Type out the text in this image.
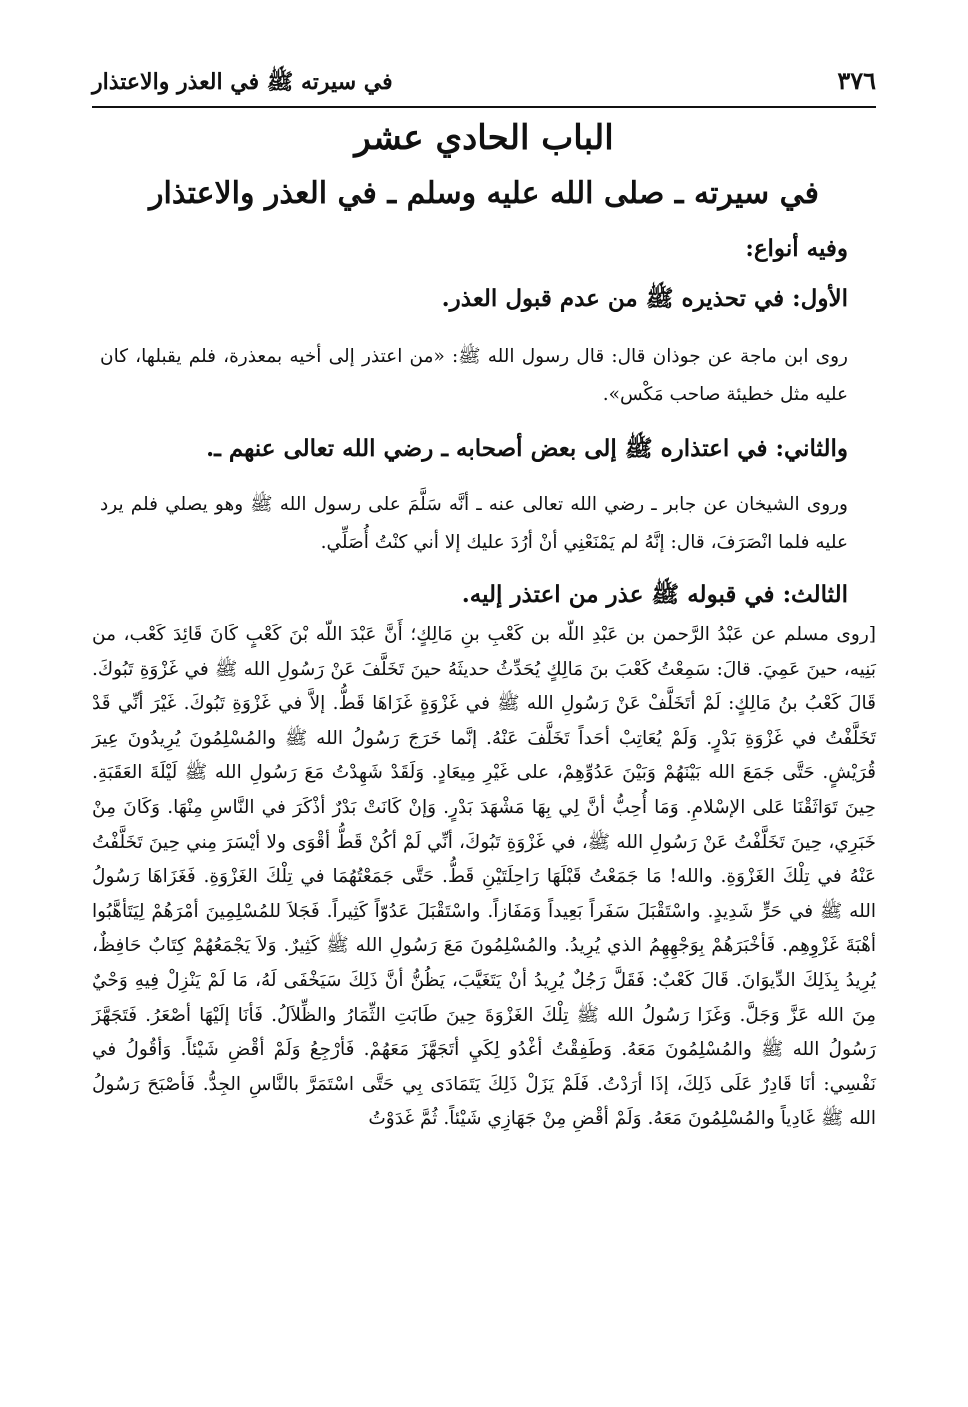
٣٧٦
في سيرته ﷺ في العذر والاعتذار
الباب الحادي عشر
في سيرته ـ صلى الله عليه وسلم ـ في العذر والاعتذار
وفيه أنواع:
الأول: في تحذيره ﷺ من عدم قبول العذر.
روى ابن ماجة عن جوذان قال: قال رسول الله ﷺ: «من اعتذر إلى أخيه بمعذرة، فلم يقبلها، كان عليه مثل خطيئة صاحب مَكْس».
والثاني: في اعتذاره ﷺ إلى بعض أصحابه ـ رضي الله تعالى عنهم ـ.
وروى الشيخان عن جابر ـ رضي الله تعالى عنه ـ أنَّه سَلَّمَ على رسول الله ﷺ وهو يصلي فلم يرد عليه فلما انْصَرَفَ، قال: إنَّهُ لم يَمْنَعْنِي أنْ أرُدَ عليك إلا أني كنْتُ أُصَلِّي.
الثالث: في قبوله ﷺ عذر من اعتذر إليه.
[روى مسلم عن عَبْدُ الرَّحمن بن عَبْدِ اللّه بن كَعْبِ بنِ مَالِكٍ؛ أَنَّ عَبْدَ اللّه بْنَ كَعْبٍ كَانَ قَائِدَ كَعْب، من بَنِيه، حينَ عَمِيَ. قالَ: سَمِعْتُ كَعْبَ بنَ مَالِكٍ يُحَدِّثُ حديثَهُ حينَ تَخَلَّفَ عَنْ رَسُولِ الله ﷺ في غَزْوَةِ تَبُوكَ. قَالَ كَعْبُ بنُ مَالِكٍ: لَمْ أتَخَلَّفْ عَنْ رَسُولِ الله ﷺ في غَزْوَةٍ غَزَاهَا قَطُّ. إلاَّ في غَزْوَةِ تَبُوكَ. غَيْرَ أنِّي قَدْ تَخَلَّفْتُ في غَزْوَةِ بَدْرٍ. وَلَمْ يُعَاتِبْ أحَداً تَخَلَّفَ عَنْهُ. إنَّما خَرَجَ رَسُولُ الله ﷺ والمُسْلِمُونَ يُرِيدُونَ عِيرَ قُرَيْشٍ. حَتَّى جَمَعَ الله بَيْنَهُمْ وَبَيْنَ عَدُوِّهِمْ، على غَيْرِ مِيعَادٍ. وَلَقَدْ شَهِدْتُ مَعَ رَسُولِ الله ﷺ لَيْلَةَ العَقَبَةِ. حِينَ تَوَاثَقْنَا عَلى الإسْلامِ. وَمَا أُحِبُّ أنَّ لِي بِهَا مَشْهَدَ بَدْرٍ. وَإنْ كَانَتْ بَدْرٌ أذْكَرَ في النَّاسِ مِنْهَا. وَكَانَ مِنْ خَبَرِي، حِينَ تَخَلَّفْتُ عَنْ رَسُولِ الله ﷺ، في غَزْوَةِ تَبُوكَ، أنِّي لَمْ أكُنْ قَطُّ أقْوَى ولا أيْسَرَ مِني حِينَ تَخَلَّفْتُ عَنْهُ في تِلْكَ الغَزْوَةِ. والله! مَا جَمَعْتُ قَبْلَهَا رَاحِلَتَيْنِ قَطُّ. حَتَّى جَمَعْتُهُمَا في تِلْكَ الغَزْوَةِ. فَغَزَاهَا رَسُولُ الله ﷺ في حَرٍّ شَدِيدٍ. واسْتَقْبَلَ سَفَراً بَعِيداً وَمَفَازاً. واسْتَقْبَلَ عَدُوّاً كَثِيراً. فَجَلاَ للمُسْلِمِينَ أمْرَهُمْ لِيَتَأهَّبُوا أهْبَةَ غَزْوِهِم. فَأخْبَرَهُمْ بِوَجْهِهِمُ الذي يُرِيدُ. والمُسْلِمُونَ مَعَ رَسُولِ الله ﷺ كَثِيرٌ. وَلاَ يَجْمَعُهُمْ كِتَابٌ حَافِظٌ، يُرِيدُ بِذَلِكَ الدِّيوَانَ. قَالَ كَعْبٌ: فَقَلَّ رَجُلٌ يُرِيدُ أنْ يَتَغَيَّبَ، يَظُنُّ أنَّ ذَلِكَ سَيَخْفَى لَهُ، مَا لَمْ يَنْزِلْ فِيهِ وَحْيٌ مِنَ الله عَزَّ وَجَلَّ. وَغَزَا رَسُولُ الله ﷺ تِلْكَ الغَزْوَةَ حِينَ طَابَتِ الثِّمَارُ والظِّلاَلُ. فَأنَا إلَيْهَا أصْعَرُ. فَتَجَهَّزَ رَسُولُ الله ﷺ والمُسْلِمُونَ مَعَهُ. وَطَفِقْتُ أغْدُو لِكَيِ أتَجَهَّزَ مَعَهُمْ. فَأرْجِعُ وَلَمْ أقْضِ شَيْئاً. وَأقُولُ في نَفْسِي: أنَا قَادِرٌ عَلَى ذَلِكَ، إذَا أرَدْتُ. فَلَمْ يَزَلْ ذَلِكَ يَتَمَادَى بِي حَتَّى اسْتَمَرَّ بالنَّاسِ الجِدُّ. فَأصْبَحَ رَسُولُ الله ﷺ غَادِياً والمُسْلِمُونَ مَعَهُ. وَلَمْ أقْضِ مِنْ جَهَازِي شَيْئاً. ثُمَّ غَدَوْتُ
